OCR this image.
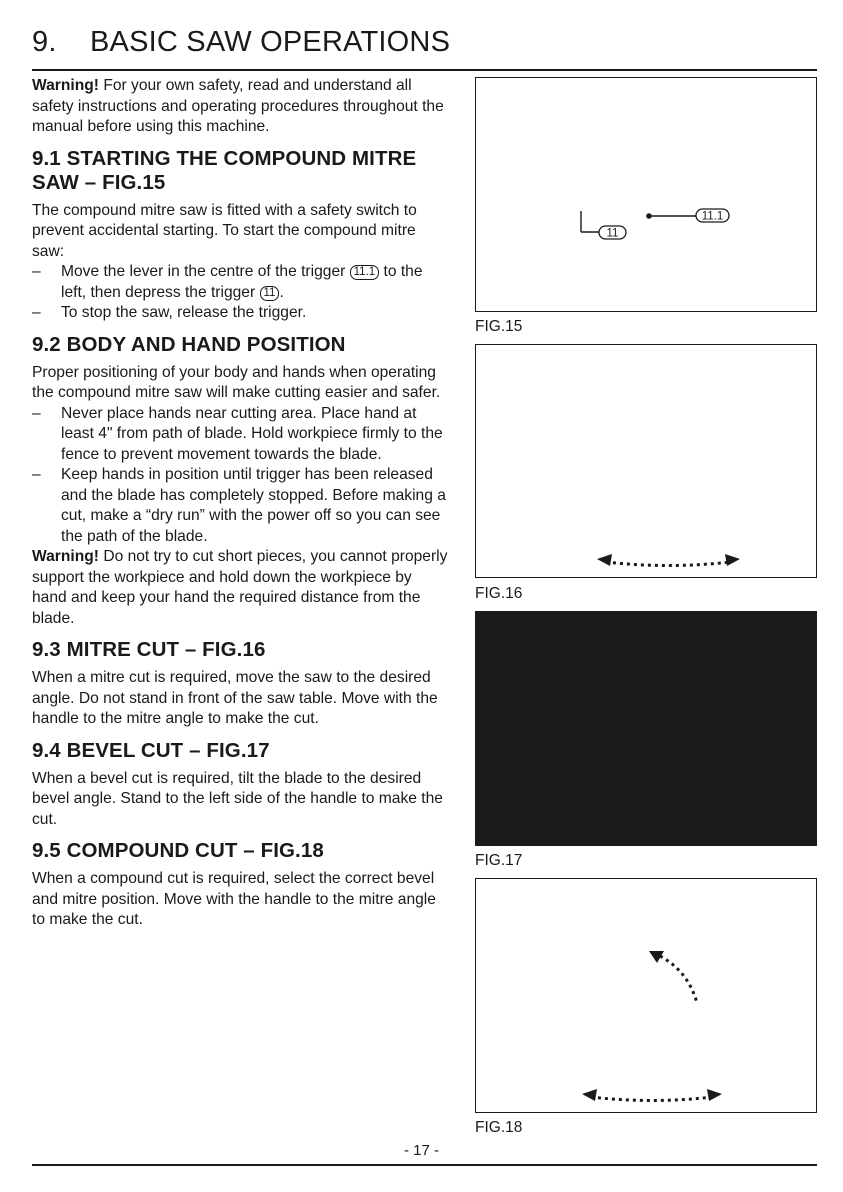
9. BASIC SAW OPERATIONS

Warning! For your own safety, read and understand all safety instructions and operating procedures throughout the manual before using this machine.

9.1 STARTING THE COMPOUND MITRE SAW – FIG.15

The compound mitre saw is fitted with a safety switch to prevent accidental starting. To start the compound mitre saw:

– Move the lever in the centre of the trigger 11.1 to the left, then depress the trigger 11 .

– To stop the saw, release the trigger.

9.2 BODY AND HAND POSITION

Proper positioning of your body and hands when operating the compound mitre saw will make cutting easier and safer.

– Never place hands near cutting area. Place hand at least 4" from path of blade. Hold workpiece firmly to the fence to prevent movement towards the blade.

– Keep hands in position until trigger has been released and the blade has completely stopped. Before making a cut, make a “dry run” with the power off so you can see the path of the blade.

Warning! Do not try to cut short pieces, you cannot properly support the workpiece and hold down the workpiece by hand and keep your hand the required distance from the blade.

9.3 MITRE CUT – FIG.16

When a mitre cut is required, move the saw to the desired angle. Do not stand in front of the saw table. Move with the handle to the mitre angle to make the cut.

9.4 BEVEL CUT – FIG.17

When a bevel cut is required, tilt the blade to the desired bevel angle. Stand to the left side of the handle to make the cut.

9.5 COMPOUND CUT – FIG.18

When a compound cut is required, select the correct bevel and mitre position. Move with the handle to the mitre angle to make the cut.

11
11.1
FIG.15
FIG.16
FIG.17
FIG.18
- 17 -
